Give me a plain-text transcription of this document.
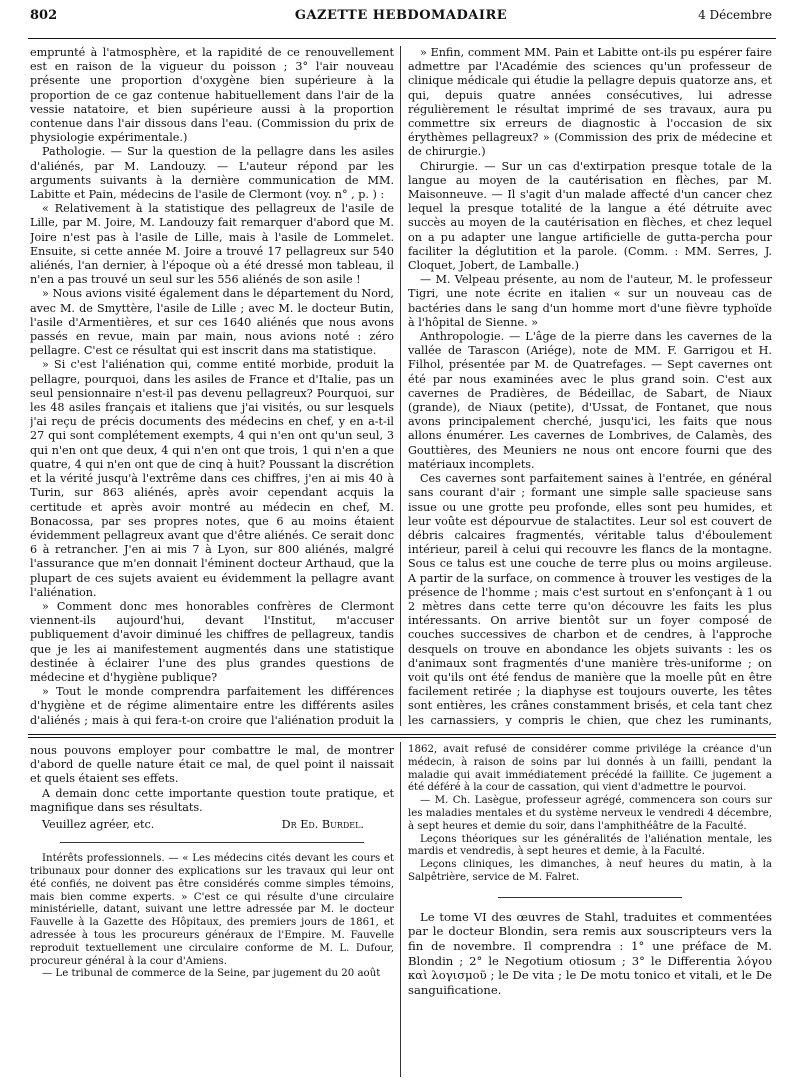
802	GAZETTE HEBDOMADAIRE	4 Décembre

emprunté à l'atmosphère, et la rapidité de ce renouvellement est en raison de la vigueur du poisson ; 3° l'air nouveau présente une proportion d'oxygène bien supérieure à la proportion de ce gaz contenue habituellement dans l'air de la vessie natatoire, et bien supérieure aussi à la proportion contenue dans l'air dissous dans l'eau. (Commission du prix de physiologie expérimentale.)

Pathologie. — Sur la question de la pellagre dans les asiles d'aliénés, par M. Landouzy. — L'auteur répond par les arguments suivants à la dernière communication de MM. Labitte et Pain, médecins de l'asile de Clermont (voy. n° , p. ) :

« Relativement à la statistique des pellagreux de l'asile de Lille, par M. Joire, M. Landouzy fait remarquer d'abord que M. Joire n'est pas à l'asile de Lille, mais à l'asile de Lommelet. Ensuite, si cette année M. Joire a trouvé 17 pellagreux sur 540 aliénés, l'an dernier, à l'époque où a été dressé mon tableau, il n'en a pas trouvé un seul sur les 556 aliénés de son asile !

» Nous avions visité également dans le département du Nord, avec M. de Smyttère, l'asile de Lille ; avec M. le docteur Butin, l'asile d'Armentières, et sur ces 1640 aliénés que nous avons passés en revue, main par main, nous avions noté : zéro pellagre. C'est ce résultat qui est inscrit dans ma statistique.

» Si c'est l'aliénation qui, comme entité morbide, produit la pellagre, pourquoi, dans les asiles de France et d'Italie, pas un seul pensionnaire n'est-il pas devenu pellagreux? Pourquoi, sur les 48 asiles français et italiens que j'ai visités, ou sur lesquels j'ai reçu de précis documents des médecins en chef, y en a-t-il 27 qui sont complétement exempts, 4 qui n'en ont qu'un seul, 3 qui n'en ont que deux, 4 qui n'en ont que trois, 1 qui n'en a que quatre, 4 qui n'en ont que de cinq à huit? Poussant la discrétion et la vérité jusqu'à l'extrême dans ces chiffres, j'en ai mis 40 à Turin, sur 863 aliénés, après avoir cependant acquis la certitude et après avoir montré au médecin en chef, M. Bonacossa, par ses propres notes, que 6 au moins étaient évidemment pellagreux avant que d'être aliénés. Ce serait donc 6 à retrancher. J'en ai mis 7 à Lyon, sur 800 aliénés, malgré l'assurance que m'en donnait l'éminent docteur Arthaud, que la plupart de ces sujets avaient eu évidemment la pellagre avant l'aliénation.

» Comment donc mes honorables confrères de Clermont viennent-ils aujourd'hui, devant l'Institut, m'accuser publiquement d'avoir diminué les chiffres de pellagreux, tandis que je les ai manifestement augmentés dans une statistique destinée à éclairer l'une des plus grandes questions de médecine et d'hygiène publique?

» Tout le monde comprendra parfaitement les différences d'hygiène et de régime alimentaire entre les différents asiles d'aliénés ; mais à qui fera-t-on croire que l'aliénation produit la

» Enfin, comment MM. Pain et Labitte ont-ils pu espérer faire admettre par l'Académie des sciences qu'un professeur de clinique médicale qui étudie la pellagre depuis quatorze ans, et qui, depuis quatre années consécutives, lui adresse régulièrement le résultat imprimé de ses travaux, aura pu commettre six erreurs de diagnostic à l'occasion de six érythèmes pellagreux? » (Commission des prix de médecine et de chirurgie.)

Chirurgie. — Sur un cas d'extirpation presque totale de la langue au moyen de la cautérisation en flèches, par M. Maisonneuve. — Il s'agit d'un malade affecté d'un cancer chez lequel la presque totalité de la langue a été détruite avec succès au moyen de la cautérisation en flèches, et chez lequel on a pu adapter une langue artificielle de gutta-percha pour faciliter la déglutition et la parole. (Comm. : MM. Serres, J. Cloquet, Jobert, de Lamballe.)

— M. Velpeau présente, au nom de l'auteur, M. le professeur Tigri, une note écrite en italien « sur un nouveau cas de bactéries dans le sang d'un homme mort d'une fièvre typhoïde à l'hôpital de Sienne. »

Anthropologie. — L'âge de la pierre dans les cavernes de la vallée de Tarascon (Ariége), note de MM. F. Garrigou et H. Filhol, présentée par M. de Quatrefages. — Sept cavernes ont été par nous examinées avec le plus grand soin. C'est aux cavernes de Pradières, de Bédeillac, de Sabart, de Niaux (grande), de Niaux (petite), d'Ussat, de Fontanet, que nous avons principalement cherché, jusqu'ici, les faits que nous allons énumérer. Les cavernes de Lombrives, de Calamès, des Gouttières, des Meuniers ne nous ont encore fourni que des matériaux incomplets.

Ces cavernes sont parfaitement saines à l'entrée, en général sans courant d'air ; formant une simple salle spacieuse sans issue ou une grotte peu profonde, elles sont peu humides, et leur voûte est dépourvue de stalactites. Leur sol est couvert de débris calcaires fragmentés, véritable talus d'éboulement intérieur, pareil à celui qui recouvre les flancs de la montagne. Sous ce talus est une couche de terre plus ou moins argileuse. A partir de la surface, on commence à trouver les vestiges de la présence de l'homme ; mais c'est surtout en s'enfonçant à 1 ou 2 mètres dans cette terre qu'on découvre les faits les plus intéressants. On arrive bientôt sur un foyer composé de couches successives de charbon et de cendres, à l'approche desquels on trouve en abondance les objets suivants : les os d'animaux sont fragmentés d'une manière très-uniforme ; on voit qu'ils ont été fendus de manière que la moelle pût en être facilement retirée ; la diaphyse est toujours ouverte, les têtes sont entières, les crânes constamment brisés, et cela tant chez les carnassiers, y compris le chien, que chez les ruminants,

nous pouvons employer pour combattre le mal, de montrer d'abord de quelle nature était ce mal, de quel point il naissait et quels étaient ses effets.

A demain donc cette importante question toute pratique, et magnifique dans ses résultats.

Veuillez agréer, etc.	Dr Ed. Burdel.

Intérêts professionnels. — « Les médecins cités devant les cours et tribunaux pour donner des explications sur les travaux qui leur ont été confiés, ne doivent pas être considérés comme simples témoins, mais bien comme experts. » C'est ce qui résulte d'une circulaire ministérielle, datant, suivant une lettre adressée par M. le docteur Fauvelle à la Gazette des Hôpitaux, des premiers jours de 1861, et adressée à tous les procureurs généraux de l'Empire. M. Fauvelle reproduit textuellement une circulaire conforme de M. L. Dufour, procureur général à la cour d'Amiens.

— Le tribunal de commerce de la Seine, par jugement du 20 août

1862, avait refusé de considérer comme privilége la créance d'un médecin, à raison de soins par lui donnés à un failli, pendant la maladie qui avait immédiatement précédé la faillite. Ce jugement a été déféré à la cour de cassation, qui vient d'admettre le pourvoi.

— M. Ch. Lasègue, professeur agrégé, commencera son cours sur les maladies mentales et du système nerveux le vendredi 4 décembre, à sept heures et demie du soir, dans l'amphithéâtre de la Faculté.

Leçons théoriques sur les généralités de l'aliénation mentale, les mardis et vendredis, à sept heures et demie, à la Faculté.

Leçons cliniques, les dimanches, à neuf heures du matin, à la Salpêtrière, service de M. Falret.

Le tome VI des œuvres de Stahl, traduites et commentées par le docteur Blondin, sera remis aux souscripteurs vers la fin de novembre. Il comprendra : 1° une préface de M. Blondin ; 2° le Negotium otiosum ; 3° le Differentia λόγου καὶ λογισμοῦ ; le De vita ; le De motu tonico et vitali, et le De sanguificatione.
